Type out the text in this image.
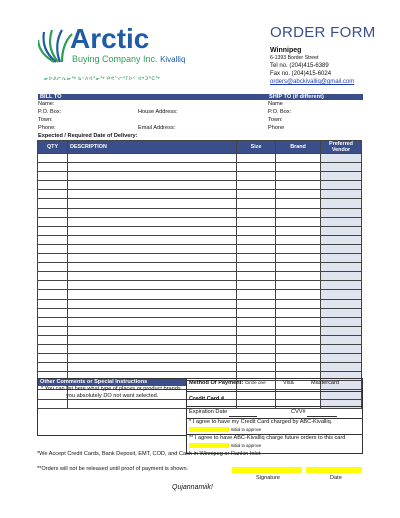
Arctic
Buying Company Inc. Kivalliq
ᓂᐅᕕᓕᕆᓂᖅ ᑲᑉᐱᐊᕐᓂᖅ ᑭᕙᓪᓕᕐᒥᐅᑦ ᐊᒃᑐᕐᑕᖅ
ORDER FORM
Winnipeg
6-1393 Border Street
Tel no. (204)415-6389
Fax no. (204)415-6024
orders@abckivalliq@gmail.com
BILL TO	SHIP TO (if different)
Name:
P.O. Box:	House Address:
Town:
Phone:	Email Address:
Name
P.O. Box:
Town:
Phone
Expected / Required Date of Delivery:
QTY	DESCRIPTION	Size	Brand	Preferred Vendor

Other Comments or Special Instructions
* You can list here what type of places or product brands
you absolutely DO not want selected.
Method Of Payment: Circle one	Visa	Mastercard
Credit Card #
Expiration Date	CVV#
* I agree to have my Credit Card charged by ABC-Kivalliq.
Initial to approve
** I agree to have ABC-Kivalliq charge future orders to this card
Initial to approve
*We Accept Credit Cards, Bank Deposit, EMT, COD, and Cash in Winnipeg or Rankin Inlet
**Orders will not be released until proof of payment is shown.
Signature	Date
Qujannamiik!
